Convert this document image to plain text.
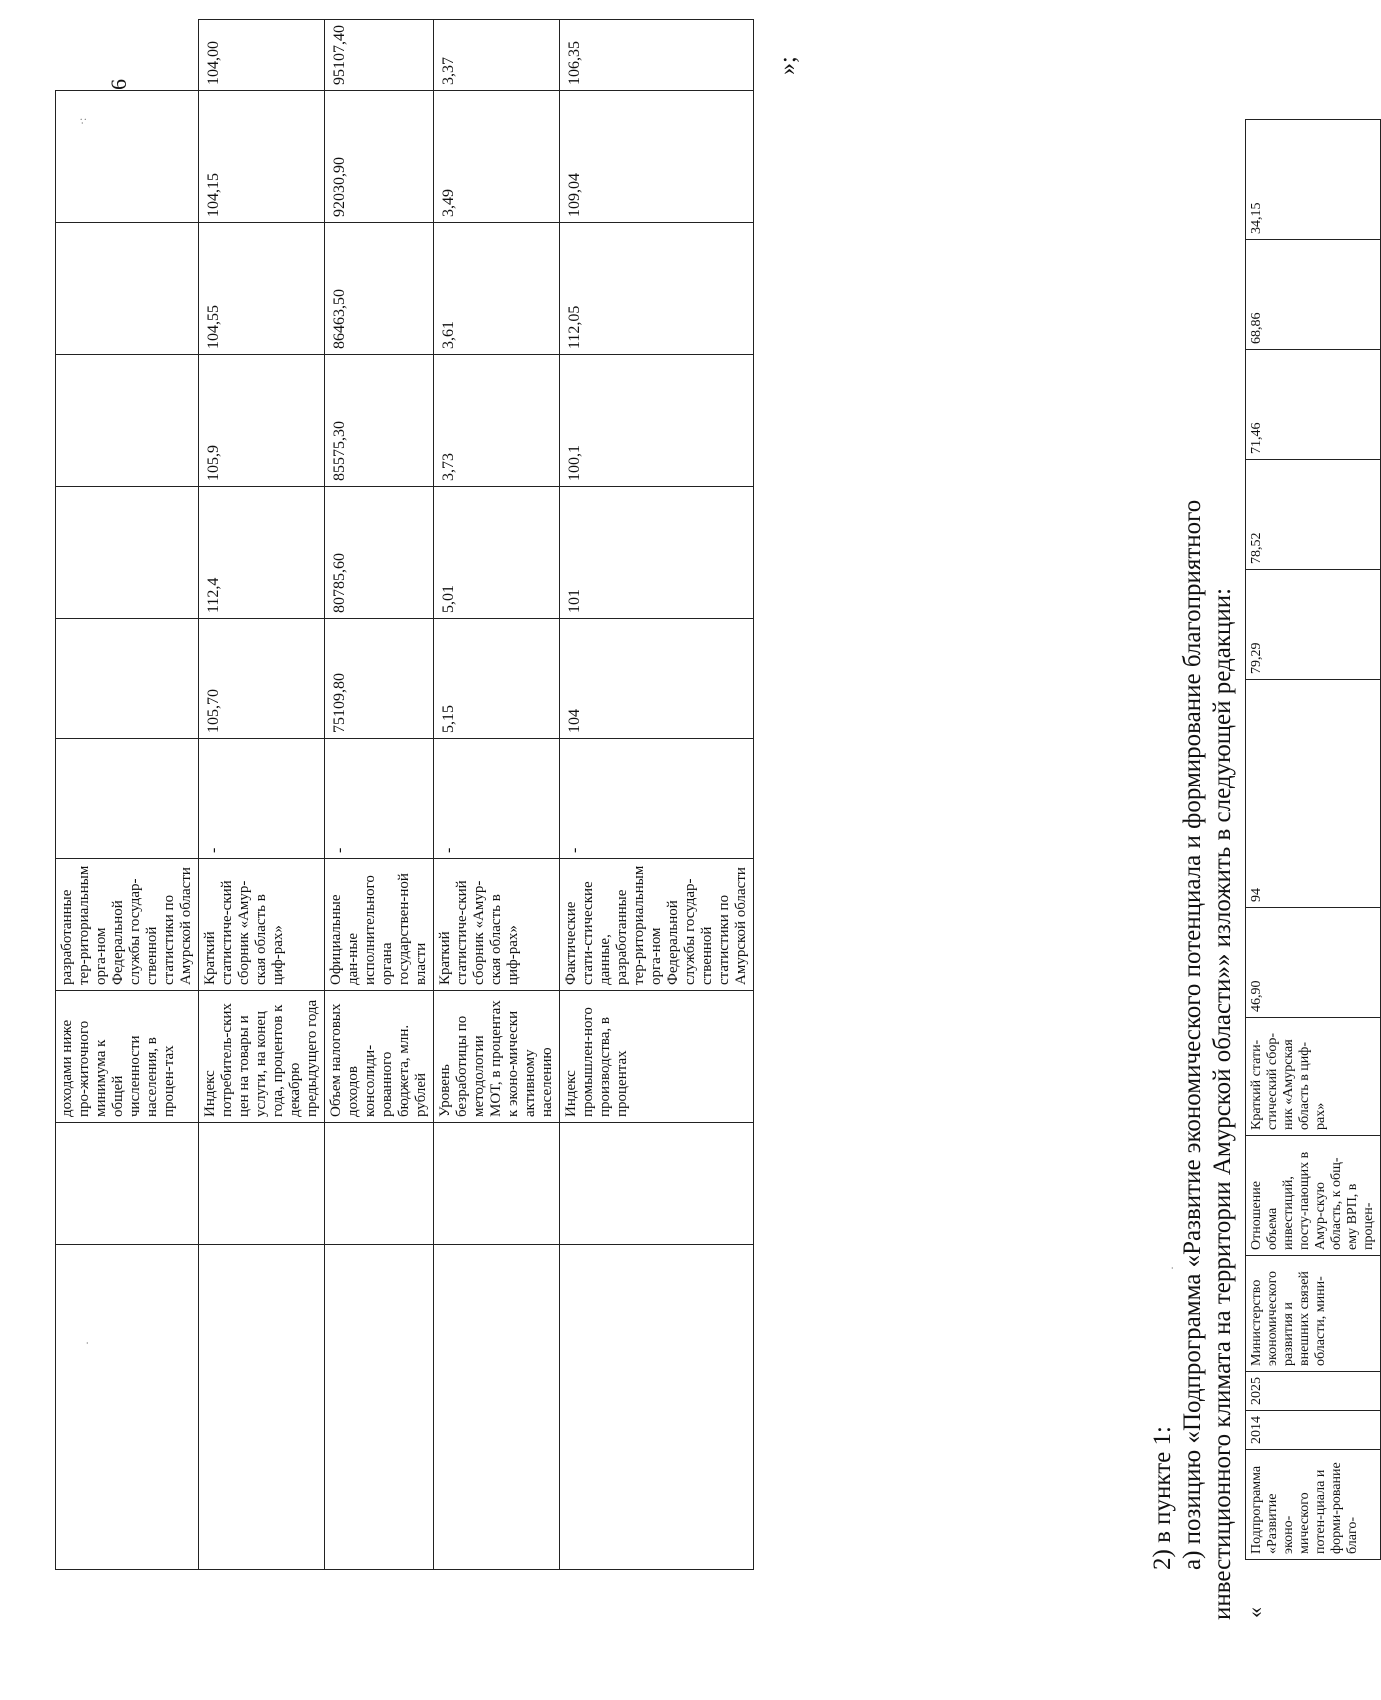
6
·:
·
·
		доходами ниже про-житочного минимума к общей численности населения, в процен-тах	разработанные тер-риториальным орга-ном Федеральной службы государ-ственной статистики по Амурской области							
		Индекс потребитель-ских цен на товары и услуги, на конец года, процентов к декабрю предыдущего года	Краткий статистиче-ский сборник «Амур-ская область в циф-рах»	-	105,70	112,4	105,9	104,55	104,15	104,00
		Объем налоговых доходов консолиди-рованного бюджета, млн. рублей	Официальные дан-ные исполнительного органа государствен-ной власти	-	75109,80	80785,60	85575,30	86463,50	92030,90	95107,40
		Уровень безработицы по методологии МОТ, в процентах к эконо-мически активному населению	Краткий статистиче-ский сборник «Амур-ская область в циф-рах»	-	5,15	5,01	3,73	3,61	3,49	3,37
		Индекс промышлен-ного производства, в процентах	Фактические стати-стические данные, разработанные тер-риториальным орга-ном Федеральной службы государ-ственной статистики по Амурской области	-	104	101	100,1	112,05	109,04	106,35	»;
2) в пункте 1: а) позицию «Подпрограмма «Развитие экономического потенциала и формирование благоприятного инвестиционного климата на территории Амурской области»» изложить в следующей редакции: «
Подпрограмма «Развитие эконо-мического потен-циала и форми-рование благо-	2014	2025	Министерство экономического развития и внешних связей области, мини-	Отношение объема инвестиций, посту-пающих в Амур-скую область, к общ-ему ВРП, в процен-	Краткий стати-стический сбор-ник «Амурская область в циф-рах»	46,90	94	79,29	78,52	71,46	68,86	34,15
